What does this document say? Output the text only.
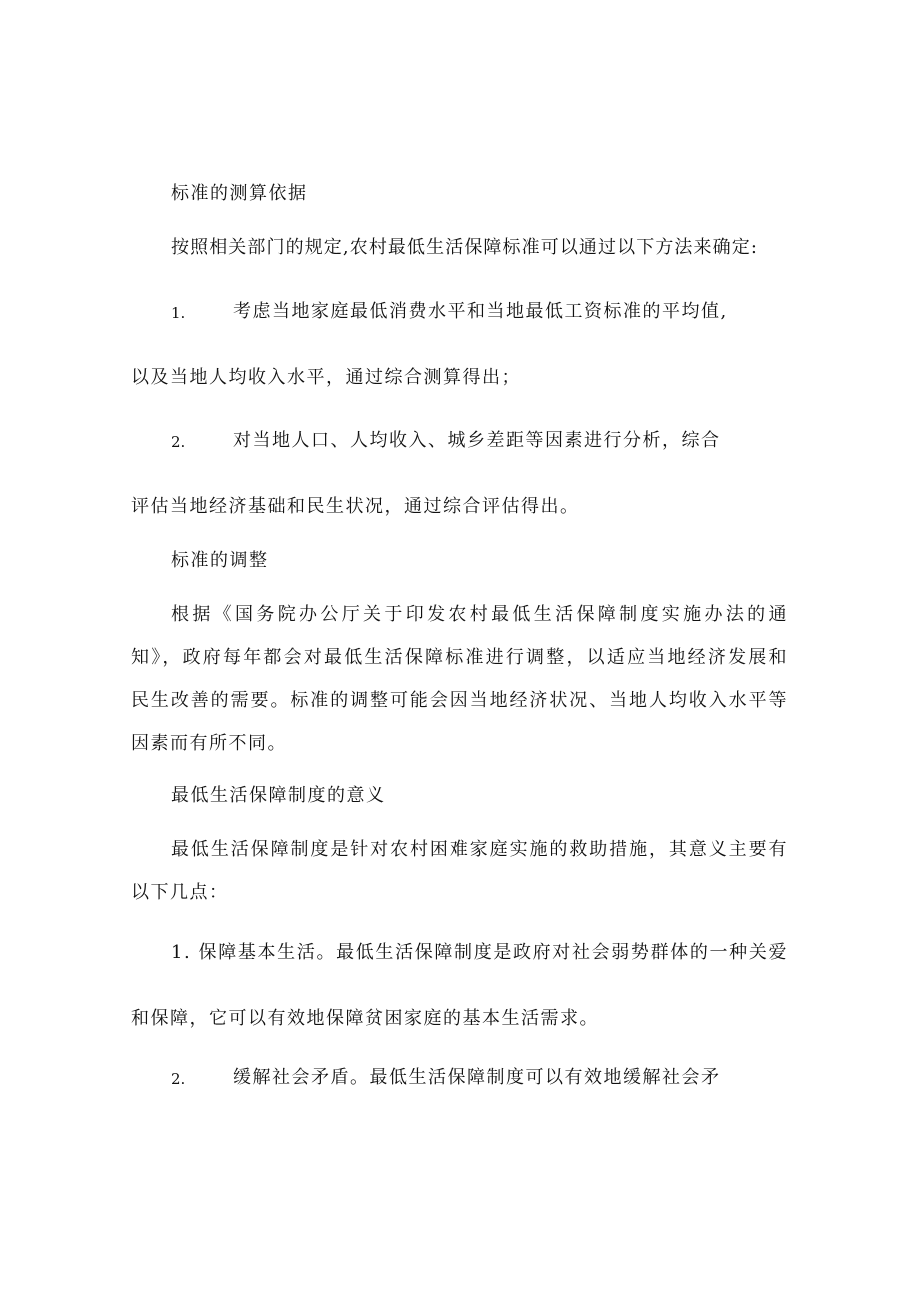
标准的测算依据
按照相关部门的规定,农村最低生活保障标准可以通过以下方法来确定:
1.	考虑当地家庭最低消费水平和当地最低工资标准的平均值,
以及当地人均收入水平，通过综合测算得出；
2.	对当地人口、人均收入、城乡差距等因素进行分析，综合
评估当地经济基础和民生状况，通过综合评估得出。
标准的调整
根据《国务院办公厅关于印发农村最低生活保障制度实施办法的通
知》，政府每年都会对最低生活保障标准进行调整，以适应当地经济发展和
民生改善的需要。标准的调整可能会因当地经济状况、当地人均收入水平等
因素而有所不同。
最低生活保障制度的意义
最低生活保障制度是针对农村困难家庭实施的救助措施，其意义主要有
以下几点：
1. 保障基本生活。最低生活保障制度是政府对社会弱势群体的一种关爱
和保障，它可以有效地保障贫困家庭的基本生活需求。
2.	缓解社会矛盾。最低生活保障制度可以有效地缓解社会矛
